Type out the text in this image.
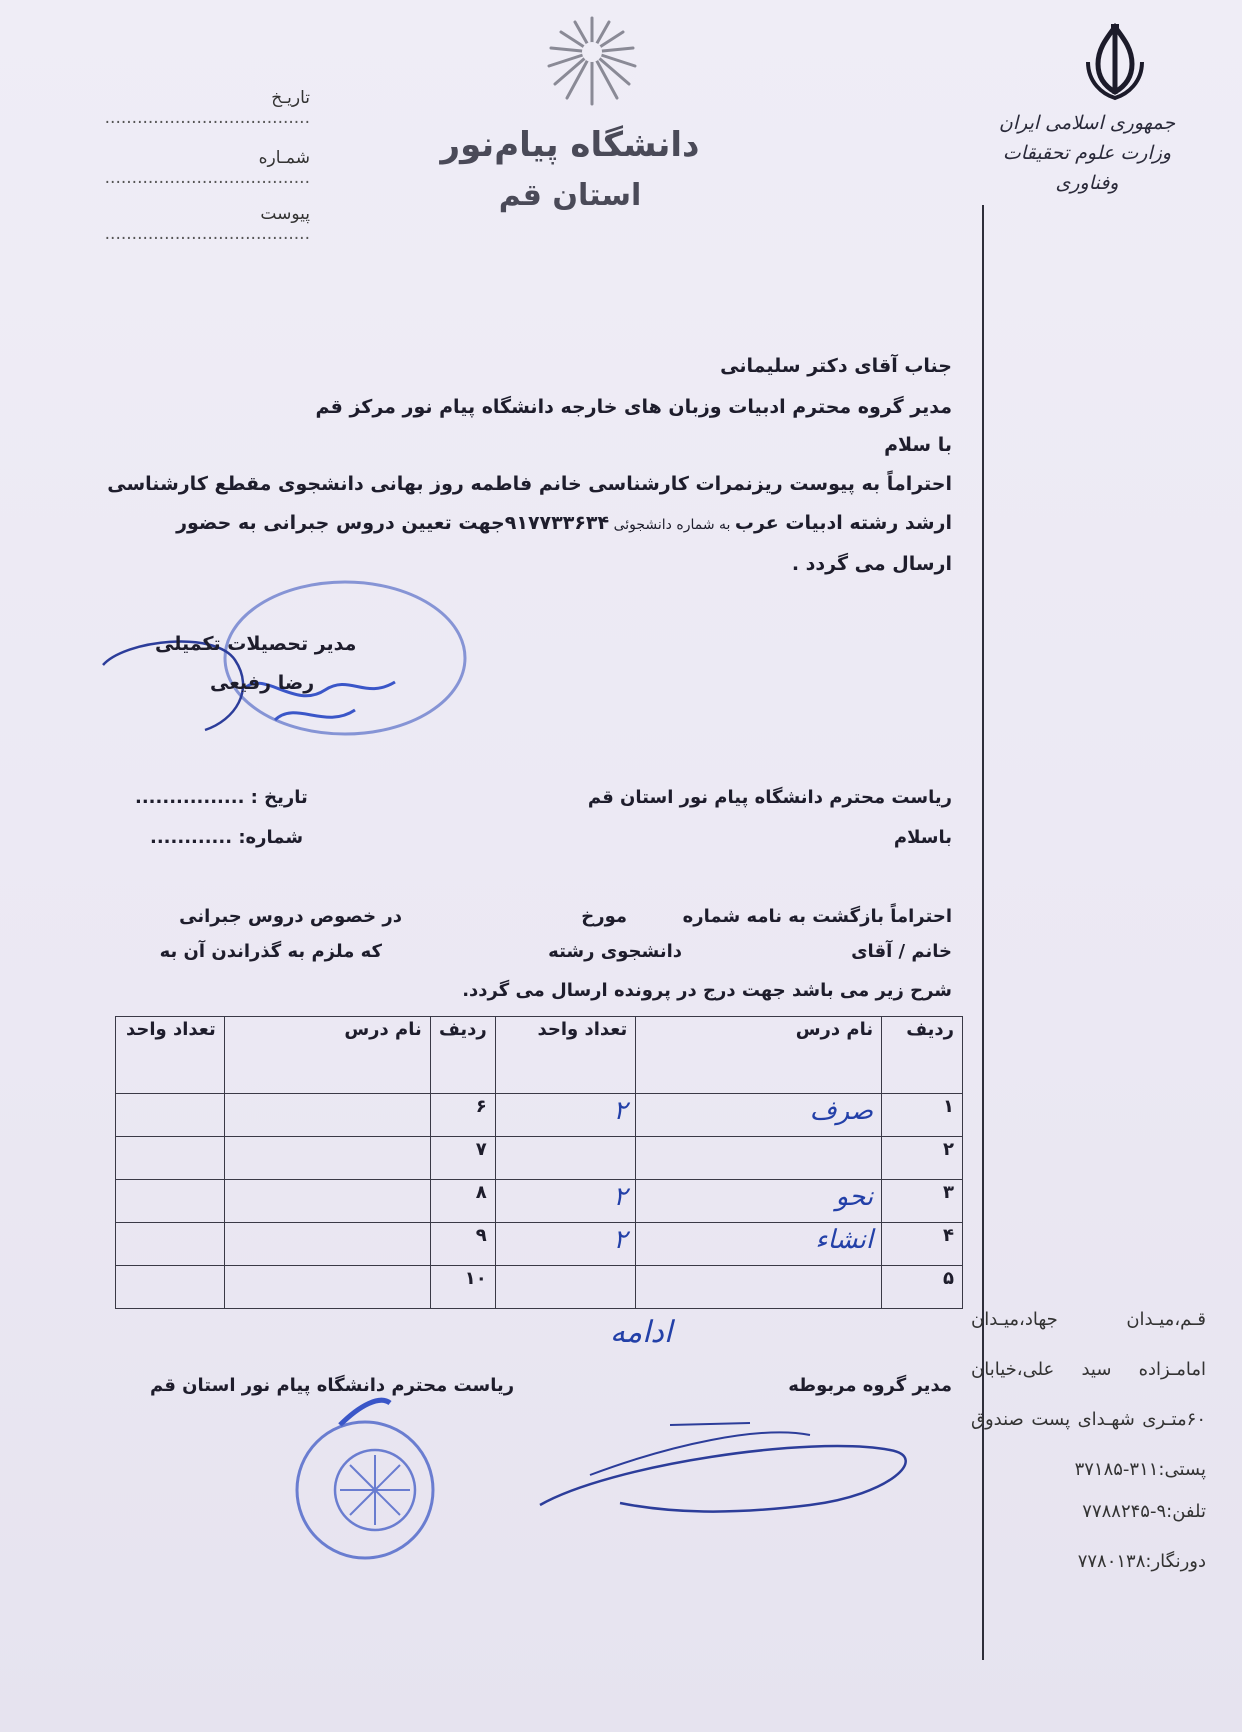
جمهوری اسلامی ایران
وزارت علوم تحقیقات وفناوری
دانشگاه پیام‌نور
استان قم
تاریـخ ......................................
شمـاره ......................................
پیوست ......................................
جناب آقای دکتر سلیمانی
مدیر گروه محترم ادبیات وزبان های خارجه دانشگاه پیام نور مرکز قم
با سلام
احتراماً به پیوست ریزنمرات کارشناسی خانم فاطمه روز بهانی دانشجوی مقطع کارشناسی
ارشد رشته ادبیات عرب به شماره دانشجوئی ۹۱۷۷۳۳۶۳۴جهت تعیین دروس جبرانی به حضور
ارسال می گردد .
مدیر تحصیلات تکمیلی
رضا رفیعی
ریاست محترم دانشگاه پیام نور استان قم
باسلام
تاریخ : ................
شماره: ............
احتراماً بازگشت به نامه شماره
مورخ
در خصوص دروس جبرانی
خانم / آقای
دانشجوی رشته
که ملزم به گذراندن آن به
شرح زیر می باشد جهت درج در پرونده ارسال می گردد.
ردیف	نام درس	تعداد واحد	ردیف	نام درس	تعداد واحد
۱	صرف	۲	۶		
۲			۷		
۳	نحو	۲	۸		
۴	انشاء	۲	۹		
۵			۱۰		
ادامه
ریاست محترم دانشگاه پیام نور استان قم	مدیر گروه مربوطه
قـم،میـدان جهاد،میـدان امامـزاده سید علی،خیابان ۶۰متـری شهـدای پست صندوق پستی:۳۱۱-۳۷۱۸۵
تلفن:۹-۷۷۸۸۲۴۵
دورنگار:۷۷۸۰۱۳۸
